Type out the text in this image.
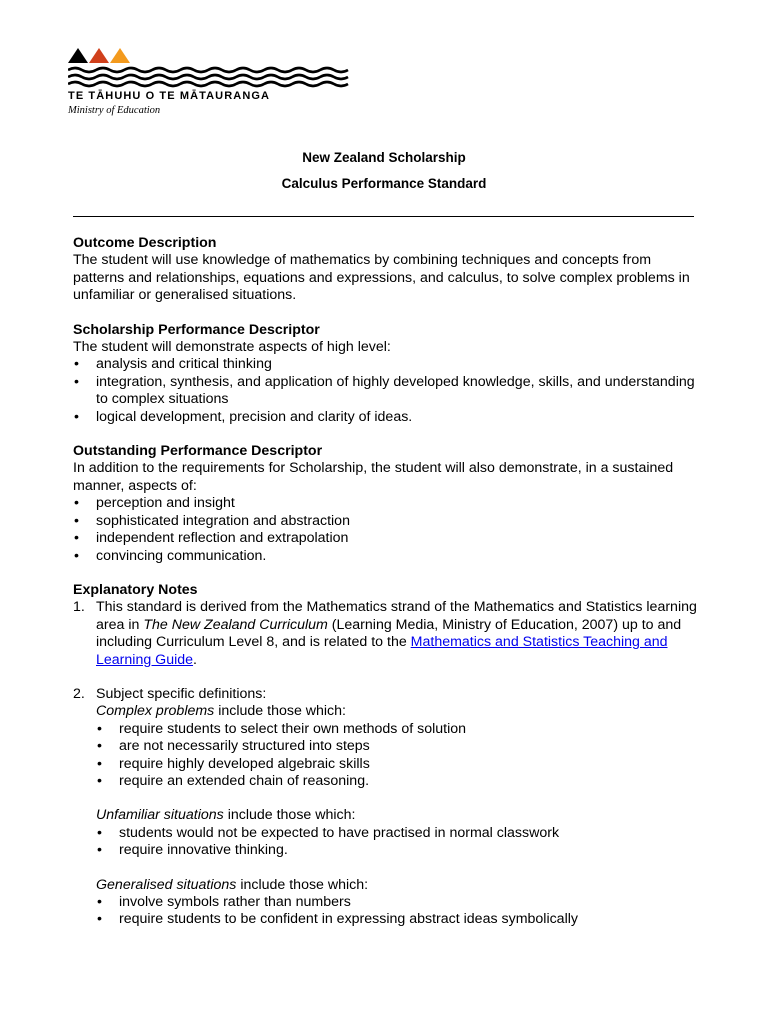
TE TĀHUHU O TE MĀTAURANGA
Ministry of Education
New Zealand Scholarship
Calculus Performance Standard

Outcome Description

The student will use knowledge of mathematics by combining techniques and concepts from patterns and relationships, equations and expressions, and calculus, to solve complex problems in unfamiliar or generalised situations.

Scholarship Performance Descriptor

The student will demonstrate aspects of high level:

• analysis and critical thinking
• integration, synthesis, and application of highly developed knowledge, skills, and understanding to complex situations
• logical development, precision and clarity of ideas.

Outstanding Performance Descriptor

In addition to the requirements for Scholarship, the student will also demonstrate, in a sustained manner, aspects of:

• perception and insight
• sophisticated integration and abstraction
• independent reflection and extrapolation
• convincing communication.

Explanatory Notes

1. This standard is derived from the Mathematics strand of the Mathematics and Statistics learning area in The New Zealand Curriculum (Learning Media, Ministry of Education, 2007) up to and including Curriculum Level 8, and is related to the Mathematics and Statistics Teaching and Learning Guide.
2. Subject specific definitions:

Complex problems include those which:

• require students to select their own methods of solution
• are not necessarily structured into steps
• require highly developed algebraic skills
• require an extended chain of reasoning.

Unfamiliar situations include those which:

• students would not be expected to have practised in normal classwork
• require innovative thinking.

Generalised situations include those which:

• involve symbols rather than numbers
• require students to be confident in expressing abstract ideas symbolically
